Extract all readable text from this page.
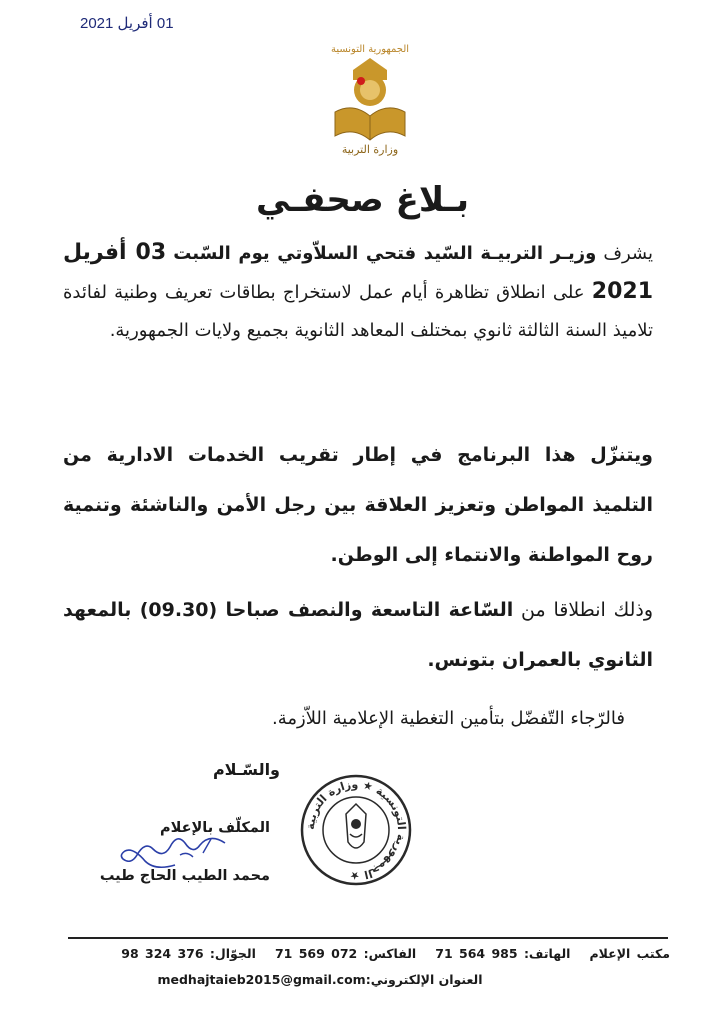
01 أفريل 2021
الجمهورية التونسية
وزارة التربية
بـلاغ صحفـي
يشرف وزيـر التربيـة السّيد فتحي السلاّوتي يوم السّبت 03 أفريل 2021 على انطلاق تظاهرة أيام عمل لاستخراج بطاقات تعريف وطنية لفائدة تلاميذ السنة الثالثة ثانوي بمختلف المعاهد الثانوية بجميع ولايات الجمهورية.
ويتنزّل هذا البرنامج في إطار تقريب الخدمات الادارية من التلميذ المواطن وتعزيز العلاقة بين رجل الأمن والناشئة وتنمية روح المواطنة والانتماء إلى الوطن.
وذلك انطلاقا من السّاعة التاسعة والنصف صباحا (09.30) بالمعهد الثانوي بالعمران بتونس.
فالرّجاء التّفضّل بتأمين التغطية الإعلامية اللاّزمة.
والسّـلام
المكلّف بالإعلام
محمد الطيب الحاج طيب
الجمهورية التونسية ★ وزارة التربية ★
مكتب الإعلام   الهاتف: 71 564 985   الفاكس: 71 569 072   الجوّال: 98 324 376
العنوان الإلكتروني:medhajtaieb2015@gmail.com
